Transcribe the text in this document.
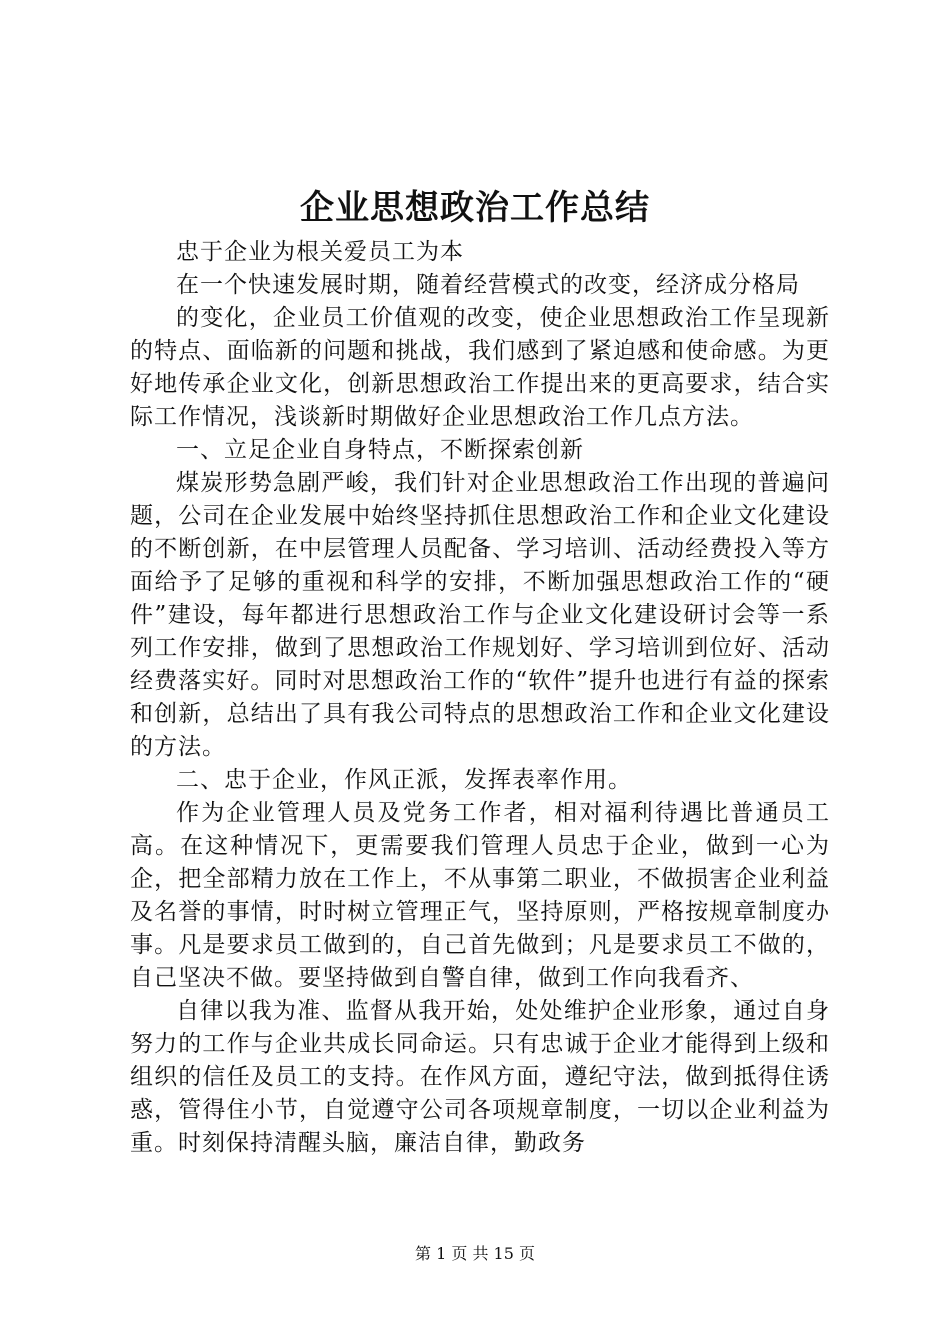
企业思想政治工作总结

忠于企业为根关爱员工为本

在一个快速发展时期，随着经营模式的改变，经济成分格局

的变化，企业员工价值观的改变，使企业思想政治工作呈现新的特点、面临新的问题和挑战，我们感到了紧迫感和使命感。为更好地传承企业文化，创新思想政治工作提出来的更高要求，结合实际工作情况，浅谈新时期做好企业思想政治工作几点方法。

一、立足企业自身特点，不断探索创新

煤炭形势急剧严峻，我们针对企业思想政治工作出现的普遍问题，公司在企业发展中始终坚持抓住思想政治工作和企业文化建设的不断创新，在中层管理人员配备、学习培训、活动经费投入等方面给予了足够的重视和科学的安排，不断加强思想政治工作的“硬件”建设，每年都进行思想政治工作与企业文化建设研讨会等一系列工作安排，做到了思想政治工作规划好、学习培训到位好、活动经费落实好。同时对思想政治工作的“软件”提升也进行有益的探索和创新，总结出了具有我公司特点的思想政治工作和企业文化建设的方法。

二、忠于企业，作风正派，发挥表率作用。

作为企业管理人员及党务工作者，相对福利待遇比普通员工高。在这种情况下，更需要我们管理人员忠于企业，做到一心为企，把全部精力放在工作上，不从事第二职业，不做损害企业利益及名誉的事情，时时树立管理正气，坚持原则，严格按规章制度办事。凡是要求员工做到的，自己首先做到；凡是要求员工不做的，自己坚决不做。要坚持做到自警自律，做到工作向我看齐、

自律以我为准、监督从我开始，处处维护企业形象，通过自身努力的工作与企业共成长同命运。只有忠诚于企业才能得到上级和组织的信任及员工的支持。在作风方面，遵纪守法，做到抵得住诱惑，管得住小节，自觉遵守公司各项规章制度，一切以企业利益为重。时刻保持清醒头脑，廉洁自律，勤政务

第 1 页 共 15 页
